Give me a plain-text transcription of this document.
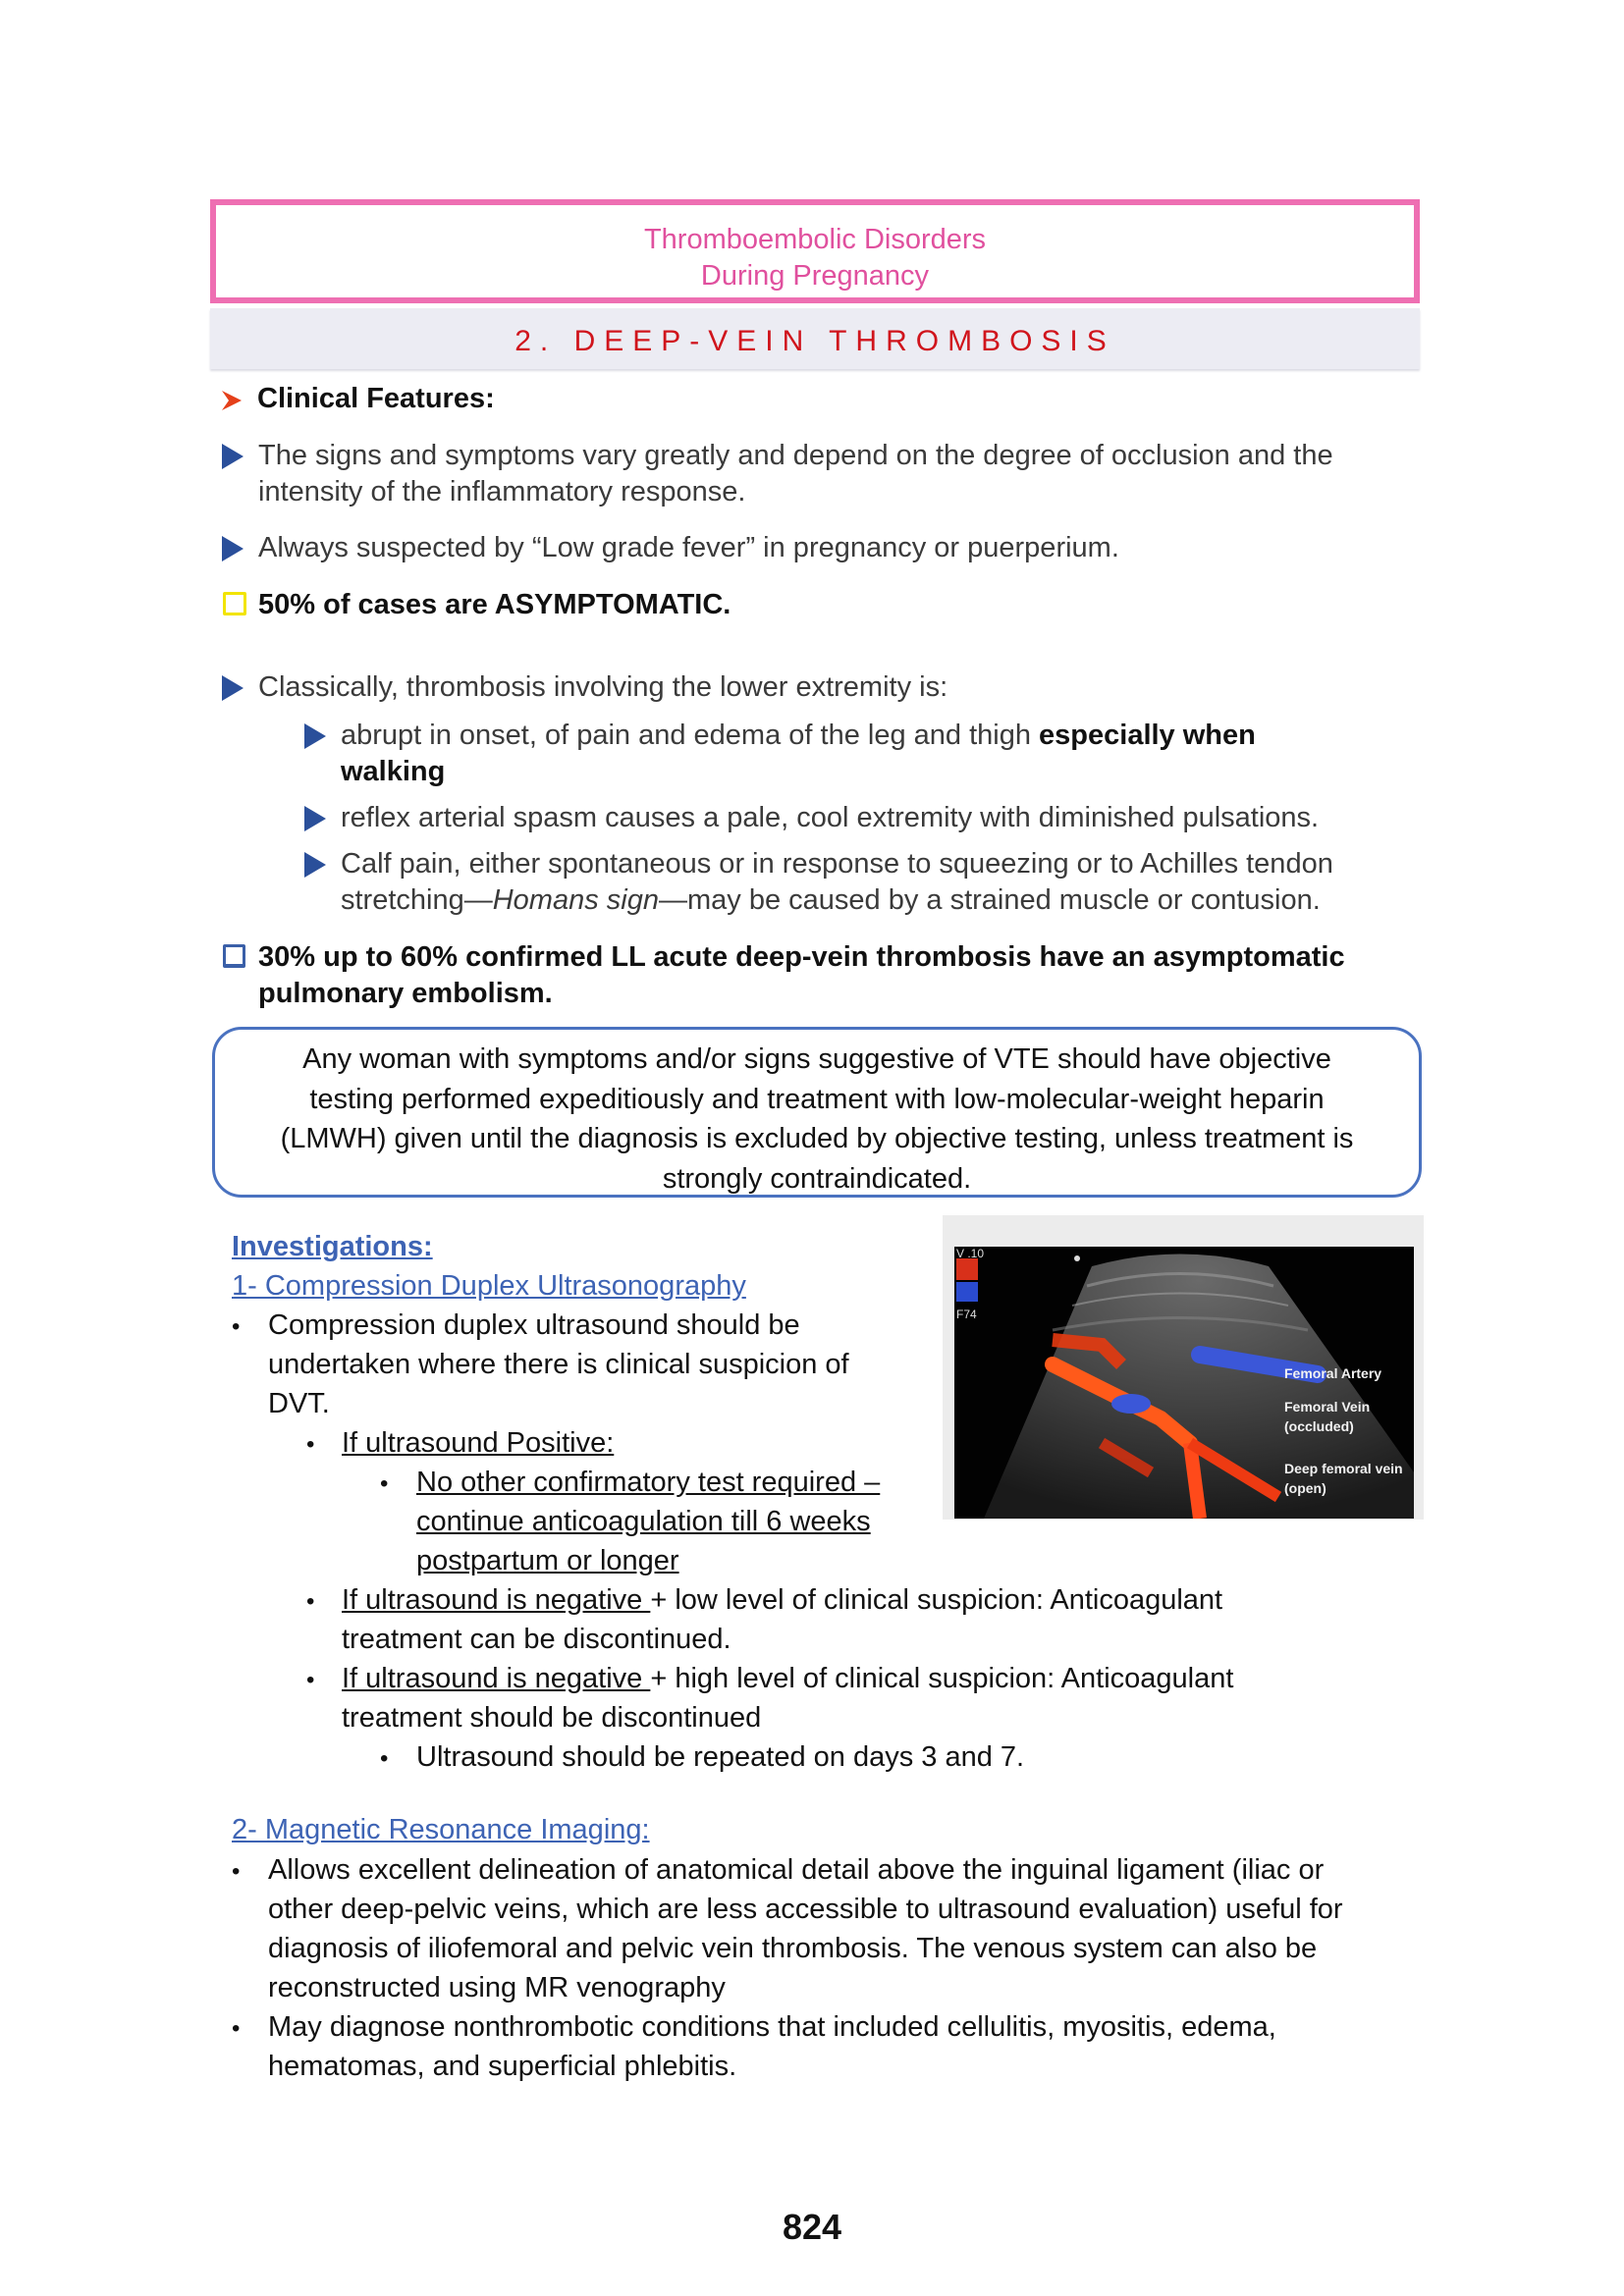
Thromboembolic Disorders
During Pregnancy
2. DEEP-VEIN THROMBOSIS
Clinical Features:
The signs and symptoms vary greatly and depend on the degree of occlusion and the
intensity of the inflammatory response.
Always suspected by “Low grade fever” in pregnancy or puerperium.
50% of cases are ASYMPTOMATIC.
Classically, thrombosis involving the lower extremity is:
abrupt in onset, of pain and edema of the leg and thigh especially when
walking
reflex arterial spasm causes a pale, cool extremity with diminished pulsations.
Calf pain, either spontaneous or in response to squeezing or to Achilles tendon
stretching—Homans sign—may be caused by a strained muscle or contusion.
30% up to 60% confirmed LL acute deep-vein thrombosis have an asymptomatic
pulmonary embolism.

Any woman with symptoms and/or signs suggestive of VTE should have objective

testing performed expeditiously and treatment with low-molecular-weight heparin

(LMWH) given until the diagnosis is excluded by objective testing, unless treatment is

strongly contraindicated.

Investigations:
1- Compression Duplex Ultrasonography
• Compression duplex ultrasound should be
undertaken where there is clinical suspicion of
DVT.
• If ultrasound Positive:
• No other confirmatory test required –
continue anticoagulation till 6 weeks
postpartum or longer
• If ultrasound is negative + low level of clinical suspicion: Anticoagulant
treatment can be discontinued.
• If ultrasound is negative + high level of clinical suspicion: Anticoagulant
treatment should be discontinued
• Ultrasound should be repeated on days 3 and 7.
V .10
F74
Femoral Artery
Femoral Vein
(occluded)
Deep femoral vein
(open)
2- Magnetic Resonance Imaging:
• Allows excellent delineation of anatomical detail above the inguinal ligament (iliac or
other deep-pelvic veins, which are less accessible to ultrasound evaluation) useful for
diagnosis of iliofemoral and pelvic vein thrombosis. The venous system can also be
reconstructed using MR venography
• May diagnose nonthrombotic conditions that included cellulitis, myositis, edema,
hematomas, and superficial phlebitis.
824
